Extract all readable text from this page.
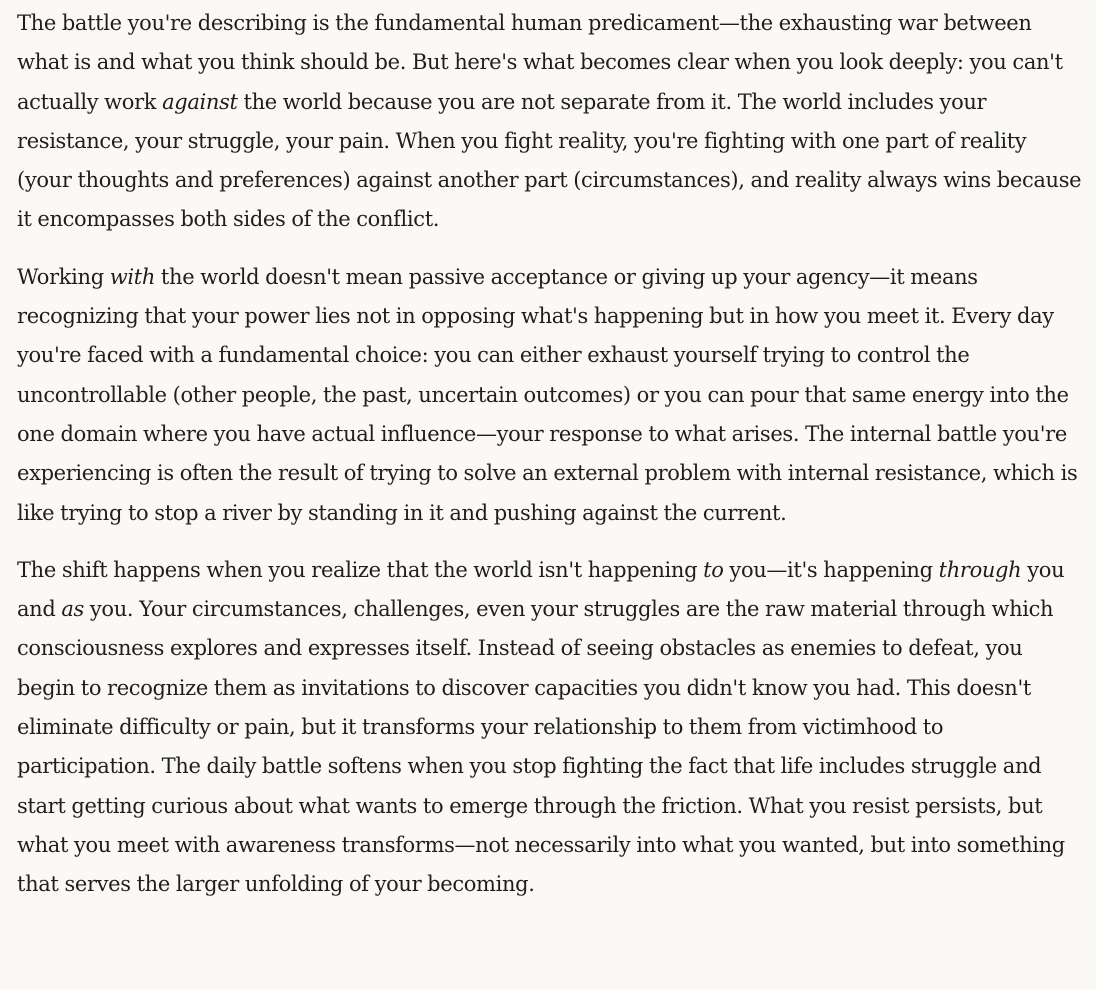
The battle you're describing is the fundamental human predicament—the exhausting war between what is and what you think should be. But here's what becomes clear when you look deeply: you can't actually work against the world because you are not separate from it. The world includes your resistance, your struggle, your pain. When you fight reality, you're fighting with one part of reality (your thoughts and preferences) against another part (circumstances), and reality always wins because it encompasses both sides of the conflict.

Working with the world doesn't mean passive acceptance or giving up your agency—it means recognizing that your power lies not in opposing what's happening but in how you meet it. Every day you're faced with a fundamental choice: you can either exhaust yourself trying to control the uncontrollable (other people, the past, uncertain outcomes) or you can pour that same energy into the one domain where you have actual influence—your response to what arises. The internal battle you're experiencing is often the result of trying to solve an external problem with internal resistance, which is like trying to stop a river by standing in it and pushing against the current.

The shift happens when you realize that the world isn't happening to you—it's happening through you and as you. Your circumstances, challenges, even your struggles are the raw material through which consciousness explores and expresses itself. Instead of seeing obstacles as enemies to defeat, you begin to recognize them as invitations to discover capacities you didn't know you had. This doesn't eliminate difficulty or pain, but it transforms your relationship to them from victimhood to participation. The daily battle softens when you stop fighting the fact that life includes struggle and start getting curious about what wants to emerge through the friction. What you resist persists, but what you meet with awareness transforms—not necessarily into what you wanted, but into something that serves the larger unfolding of your becoming.
